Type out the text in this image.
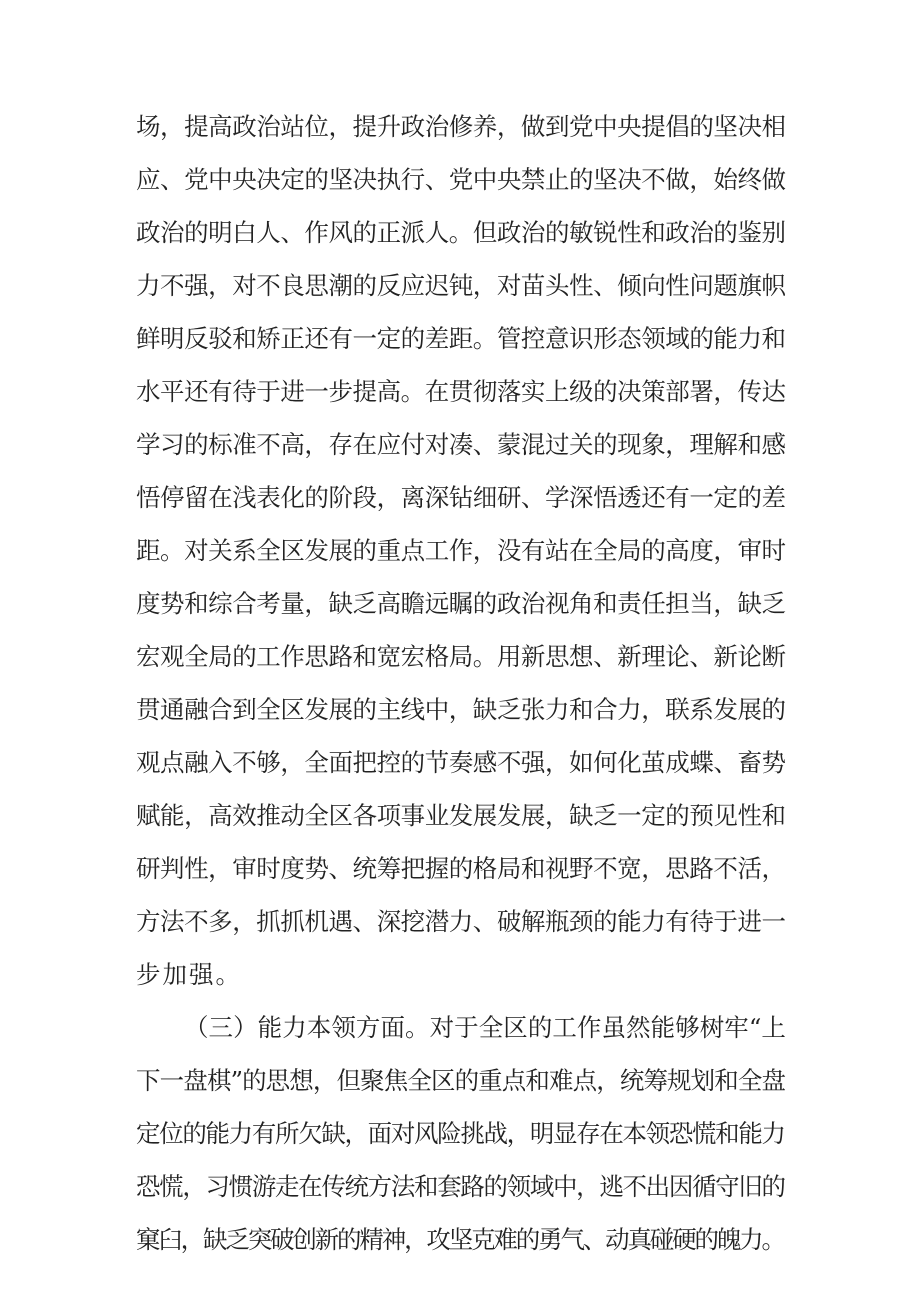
场，提高政治站位，提升政治修养，做到党中央提倡的坚决相
应、党中央决定的坚决执行、党中央禁止的坚决不做，始终做
政治的明白人、作风的正派人。但政治的敏锐性和政治的鉴别
力不强，对不良思潮的反应迟钝，对苗头性、倾向性问题旗帜
鲜明反驳和矫正还有一定的差距。管控意识形态领域的能力和
水平还有待于进一步提高。在贯彻落实上级的决策部署，传达
学习的标准不高，存在应付对凑、蒙混过关的现象，理解和感
悟停留在浅表化的阶段，离深钻细研、学深悟透还有一定的差
距。对关系全区发展的重点工作，没有站在全局的高度，审时
度势和综合考量，缺乏高瞻远瞩的政治视角和责任担当，缺乏
宏观全局的工作思路和宽宏格局。用新思想、新理论、新论断
贯通融合到全区发展的主线中，缺乏张力和合力，联系发展的
观点融入不够，全面把控的节奏感不强，如何化茧成蝶、畜势
赋能，高效推动全区各项事业发展发展，缺乏一定的预见性和
研判性，审时度势、统筹把握的格局和视野不宽，思路不活，
方法不多，抓抓机遇、深挖潜力、破解瓶颈的能力有待于进一
步加强。
（三）能力本领方面。对于全区的工作虽然能够树牢“上
下一盘棋”的思想，但聚焦全区的重点和难点，统筹规划和全盘
定位的能力有所欠缺，面对风险挑战，明显存在本领恐慌和能力
恐慌，习惯游走在传统方法和套路的领域中，逃不出因循守旧的
窠臼，缺乏突破创新的精神，攻坚克难的勇气、动真碰硬的魄力。
